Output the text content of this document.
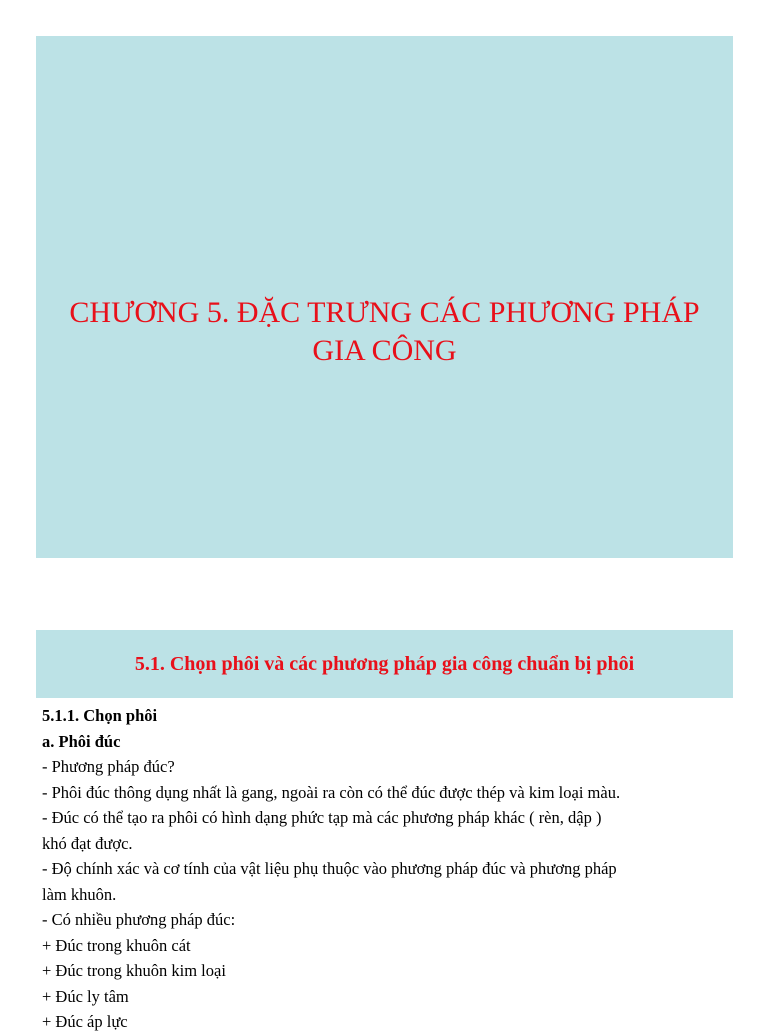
CHƯƠNG 5. ĐẶC TRƯNG CÁC PHƯƠNG PHÁP
GIA CÔNG
5.1. Chọn phôi và các phương pháp gia công chuẩn bị phôi

5.1.1. Chọn phôi

a. Phôi đúc

- Phương pháp đúc?

- Phôi đúc thông dụng nhất là gang, ngoài ra còn có thể đúc được thép và kim loại màu.

- Đúc có thể tạo ra phôi có hình dạng phức tạp mà các phương pháp khác ( rèn, dập )

khó đạt được.

- Độ chính xác và cơ tính của vật liệu phụ thuộc vào phương pháp đúc và phương pháp

làm khuôn.

- Có nhiều phương pháp đúc:

+ Đúc trong khuôn cát

+ Đúc trong khuôn kim loại

+ Đúc ly tâm

+ Đúc áp lực
